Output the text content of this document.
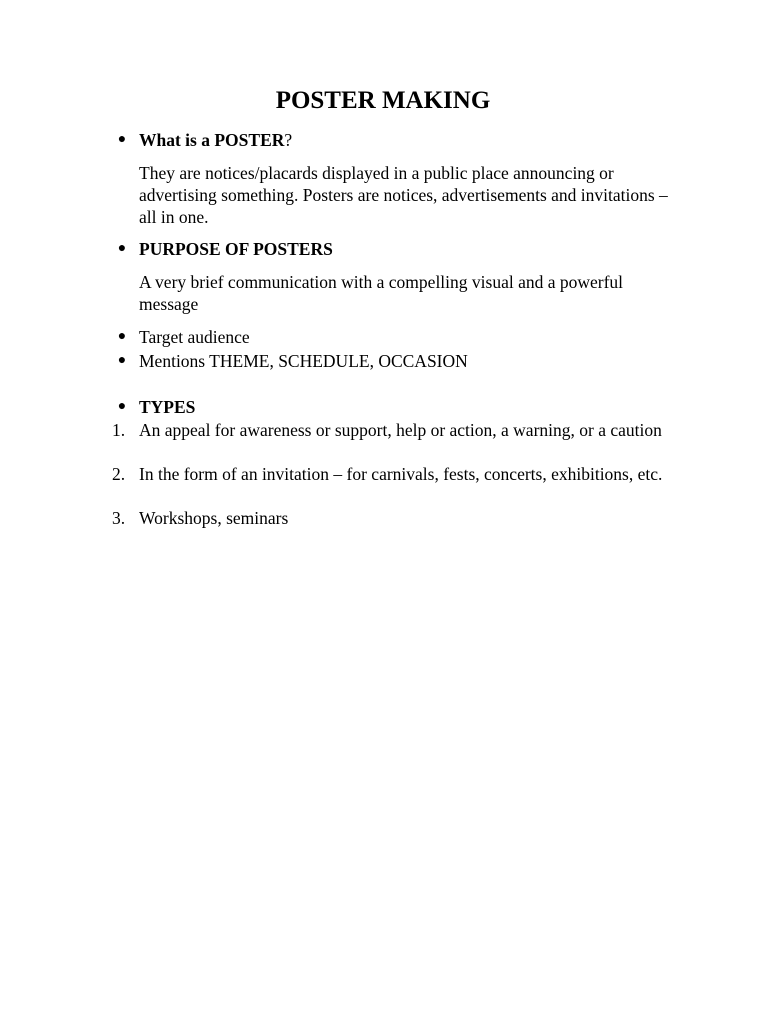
POSTER MAKING
● What is a POSTER?
They are notices/placards displayed in a public place announcing or advertising something. Posters are notices, advertisements and invitations – all in one.
● PURPOSE OF POSTERS
A very brief communication with a compelling visual and a powerful message
● Target audience
● Mentions THEME, SCHEDULE, OCCASION
● TYPES
1. An appeal for awareness or support, help or action, a warning, or a caution
2. In the form of an invitation – for carnivals, fests, concerts, exhibitions, etc.
3. Workshops, seminars
